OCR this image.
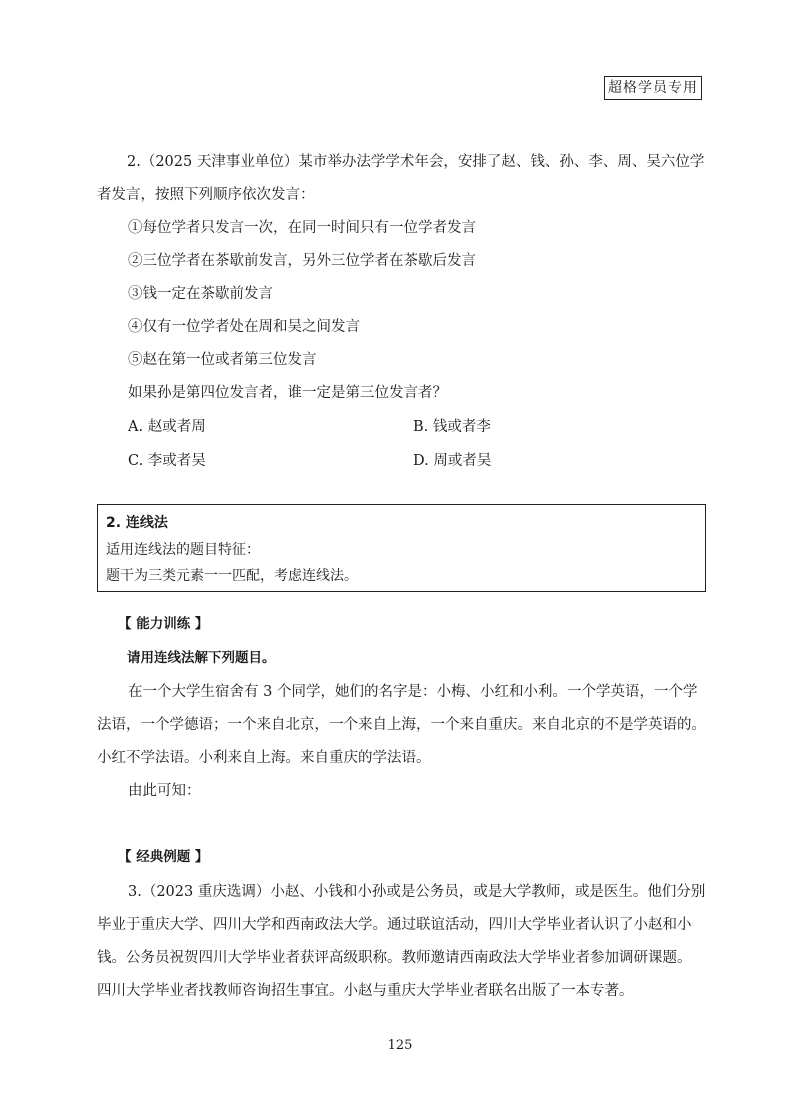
超格学员专用
2.（2025 天津事业单位）某市举办法学学术年会，安排了赵、钱、孙、李、周、吴六位学
者发言，按照下列顺序依次发言：
①每位学者只发言一次，在同一时间只有一位学者发言
②三位学者在茶歇前发言，另外三位学者在茶歇后发言
③钱一定在茶歇前发言
④仅有一位学者处在周和吴之间发言
⑤赵在第一位或者第三位发言
如果孙是第四位发言者，谁一定是第三位发言者？
A. 赵或者周	B. 钱或者李
C. 李或者吴	D. 周或者吴
2. 连线法
适用连线法的题目特征：
题干为三类元素一一匹配，考虑连线法。
【 能力训练 】
请用连线法解下列题目。
在一个大学生宿舍有 3 个同学，她们的名字是：小梅、小红和小利。一个学英语，一个学
法语，一个学德语；一个来自北京，一个来自上海，一个来自重庆。来自北京的不是学英语的。
小红不学法语。小利来自上海。来自重庆的学法语。
由此可知：
【 经典例题 】
3.（2023 重庆选调）小赵、小钱和小孙或是公务员，或是大学教师，或是医生。他们分别
毕业于重庆大学、四川大学和西南政法大学。通过联谊活动，四川大学毕业者认识了小赵和小
钱。公务员祝贺四川大学毕业者获评高级职称。教师邀请西南政法大学毕业者参加调研课题。
四川大学毕业者找教师咨询招生事宜。小赵与重庆大学毕业者联名出版了一本专著。
125
